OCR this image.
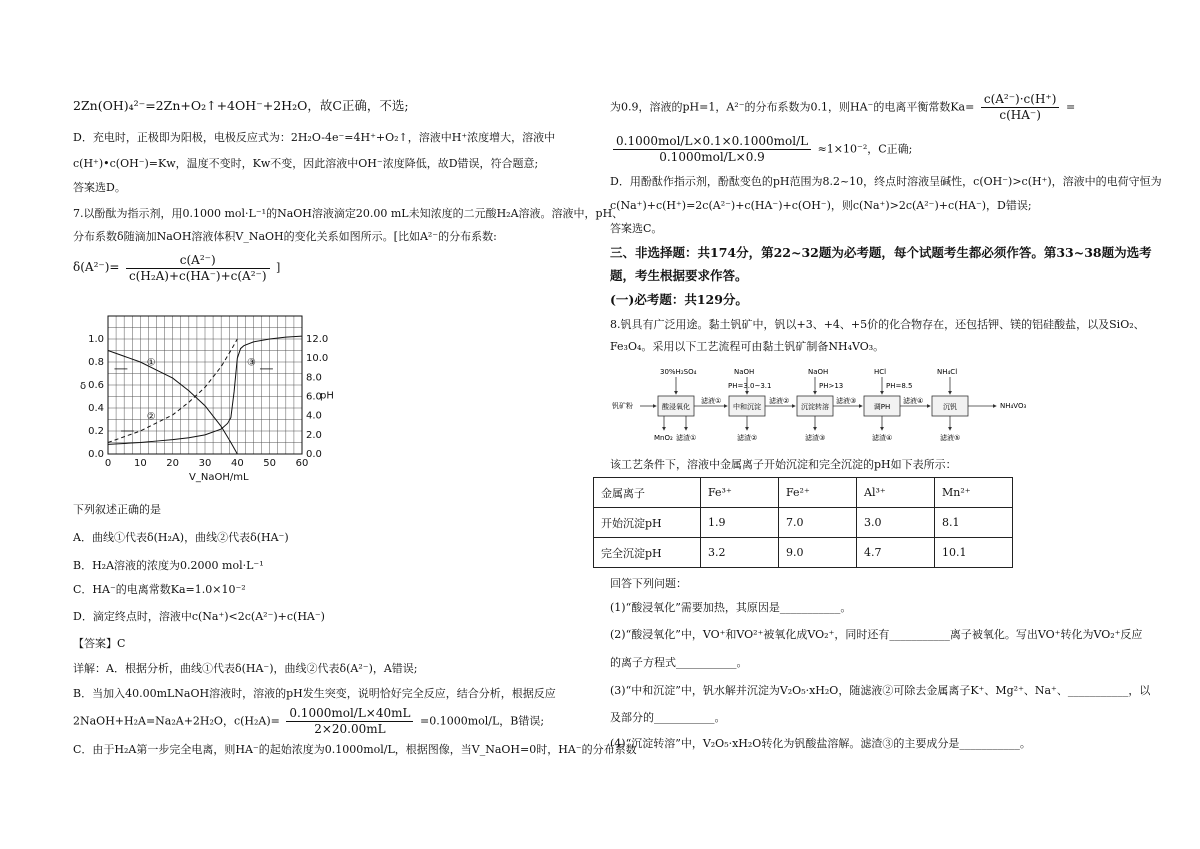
2Zn(OH)₄²⁻=2Zn+O₂↑+4OH⁻+2H₂O，故C正确，不选;
D．充电时，正极即为阳极，电极反应式为：2H₂O-4e⁻=4H⁺+O₂↑，溶液中H⁺浓度增大，溶液中
c(H⁺)•c(OH⁻)=Kw，温度不变时，Kw不变，因此溶液中OH⁻浓度降低，故D错误，符合题意;
答案选D。
7.以酚酞为指示剂，用0.1000 mol·L⁻¹的NaOH溶液滴定20.00 mL未知浓度的二元酸H₂A溶液。溶液中，pH、
分布系数δ随滴加NaOH溶液体积V_NaOH的变化关系如图所示。[比如A²⁻的分布系数:
$\delta(A^{2-})= \frac{\text{c(A²⁻)}}{\text{c(H₂A)+c(HA⁻)+c(A²⁻)}}$ ]
下列叙述正确的是
A．曲线①代表δ(H₂A)，曲线②代表δ(HA⁻)
B．H₂A溶液的浓度为0.2000 mol·L⁻¹
C．HA⁻的电离常数Ka=1.0×10⁻²
D．滴定终点时，溶液中c(Na⁺)<2c(A²⁻)+c(HA⁻)
【答案】C
详解：A．根据分析，曲线①代表δ(HA⁻)，曲线②代表δ(A²⁻)，A错误;
B．当加入40.00mLNaOH溶液时，溶液的pH发生突变，说明恰好完全反应，结合分析，根据反应
2NaOH+H₂A=Na₂A+2H₂O，$c(H_2A)= \frac{\text{0.1000mol/L×40mL}}{2\times 20.00mL} =0.1000mol/L$，B错误;
C．由于H₂A第一步完全电离，则HA⁻的起始浓度为0.1000mol/L，根据图像，当V_NaOH=0时，HA⁻的分布系数
0 10 20 30 40 50 60
0.0
0.2
0.4
0.6
0.8
1.0
0.0
2.0
4.0
6.0
8.0
10.0
12.0
δ
pH
V_NaOH/mL
①
②
③
为0.9，溶液的pH=1，A²⁻的分布系数为0.1，则HA⁻的电离平衡常数$Ka= \frac{\text{c(A²⁻)·c(H⁺)}}{c(HA^-)}$ =
$\frac{\text{0.1000mol/L×0.1×0.1000mol/L}}{\text{0.1000mol/L×0.9}} \approx 1\times 10^{-2}$，C正确;
D．用酚酞作指示剂，酚酞变色的pH范围为8.2~10，终点时溶液呈碱性，c(OH⁻)>c(H⁺)，溶液中的电荷守恒为
c(Na⁺)+c(H⁺)=2c(A²⁻)+c(HA⁻)+c(OH⁻)，则c(Na⁺)>2c(A²⁻)+c(HA⁻)，D错误;
答案选C。
三、非选择题：共174分，第22~32题为必考题，每个试题考生都必须作答。第33~38题为选考
题，考生根据要求作答。
(一)必考题：共129分。
8.钒具有广泛用途。黏土钒矿中，钒以+3、+4、+5价的化合物存在，还包括钾、镁的铝硅酸盐，以及SiO₂、
Fe₃O₄。采用以下工艺流程可由黏土钒矿制备NH₄VO₃。
该工艺条件下，溶液中金属离子开始沉淀和完全沉淀的pH如下表所示：
回答下列问题：
(1)“酸浸氧化”需要加热，其原因是___________。
(2)“酸浸氧化”中，VO⁺和VO²⁺被氧化成VO₂⁺，同时还有___________离子被氧化。写出VO⁺转化为VO₂⁺反应
的离子方程式___________。
(3)“中和沉淀”中，钒水解并沉淀为V₂O₅·xH₂O，随滤液②可除去金属离子K⁺、Mg²⁺、Na⁺、___________，以
及部分的___________。
(4)“沉淀转溶”中，V₂O₅·xH₂O转化为钒酸盐溶解。滤渣③的主要成分是___________。
钒矿粉	酸浸氧化	中和沉淀	沉淀转溶	调PH	沉钒
滤液①	滤液②	滤液③	滤液④
NH₄VO₃
30%H₂SO₄	NaOH
PH=3.0~3.1
NaOH
PH>13
HCl
PH=8.5
NH₄Cl
MnO₂ 滤渣①	滤渣②	滤渣③	滤渣④	滤液⑤
金属离子	Fe³⁺	Fe²⁺	Al³⁺	Mn²⁺
开始沉淀pH	1.9	7.0	3.0	8.1
完全沉淀pH	3.2	9.0	4.7	10.1
